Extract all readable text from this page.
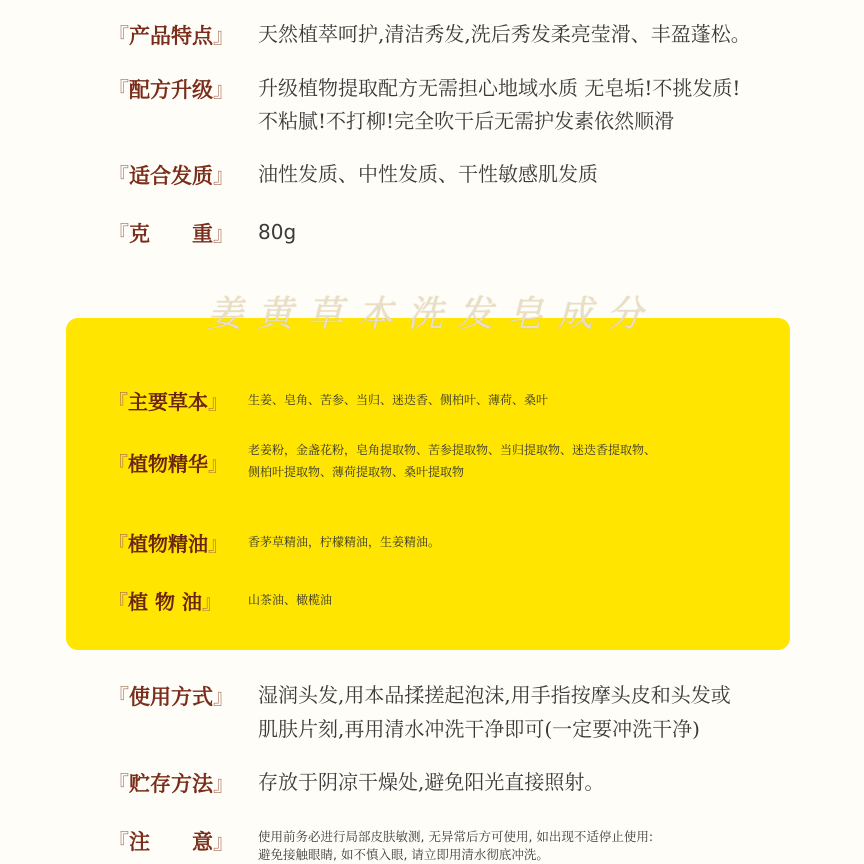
『产品特点』 天然植萃呵护,清洁秀发,洗后秀发柔亮莹滑、丰盈蓬松。
『配方升级』 升级植物提取配方无需担心地域水质 无皂垢!不挑发质!
不粘腻!不打柳!完全吹干后无需护发素依然顺滑
『适合发质』 油性发质、中性发质、干性敏感肌发质
『克　　重』 80g
『主要草本』 生姜、皂角、苦参、当归、迷迭香、侧柏叶、薄荷、桑叶
『植物精华』
老姜粉，金盏花粉，皂角提取物、苦参提取物、当归提取物、迷迭香提取物、
侧柏叶提取物、薄荷提取物、桑叶提取物
『植物精油』 香茅草精油，柠檬精油，生姜精油。
『植 物 油』 山茶油、橄榄油
姜黄草本洗发皂成分
『使用方式』 湿润头发,用本品揉搓起泡沫,用手指按摩头皮和头发或
肌肤片刻,再用清水冲洗干净即可(一定要冲洗干净)
『贮存方法』 存放于阴凉干燥处,避免阳光直接照射。
『注　　意』 使用前务必进行局部皮肤敏测, 无异常后方可使用, 如出现不适停止使用:
避免接触眼睛, 如不慎入眼, 请立即用清水彻底冲洗。
